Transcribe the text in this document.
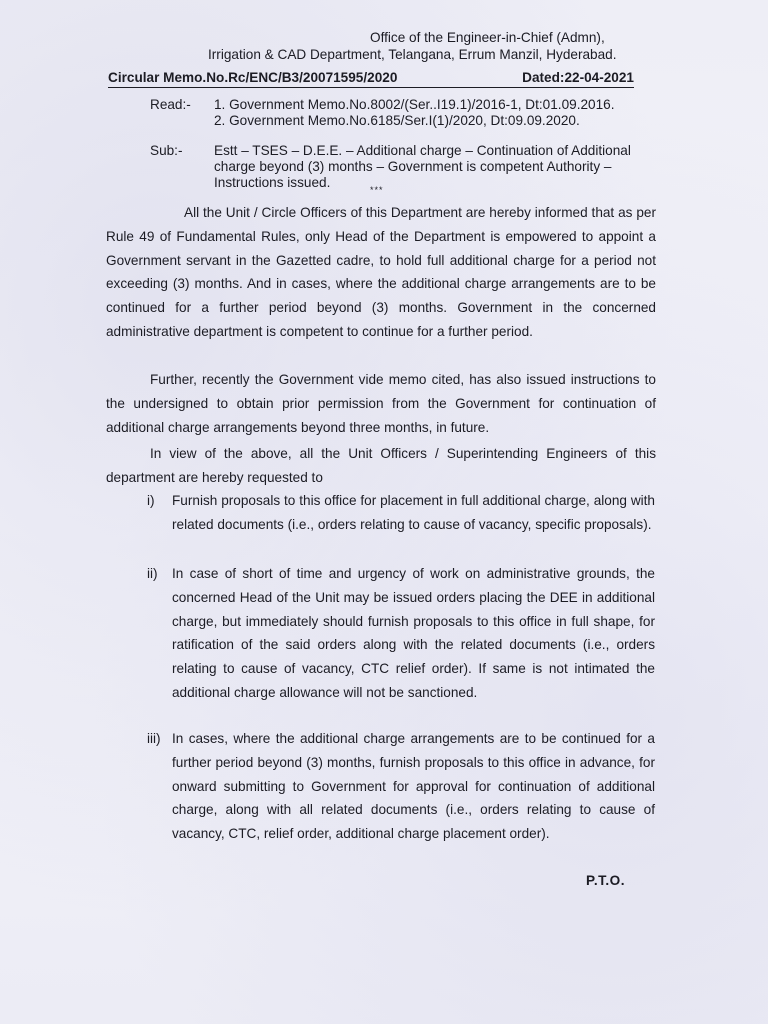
Office of the Engineer-in-Chief (Admn),
Irrigation & CAD Department, Telangana, Errum Manzil, Hyderabad.
Circular Memo.No.Rc/ENC/B3/20071595/2020	Dated:22-04-2021
Read:- 1. Government Memo.No.8002/(Ser..I19.1)/2016-1, Dt:01.09.2016.
2. Government Memo.No.6185/Ser.I(1)/2020, Dt:09.09.2020.
Sub:- Estt – TSES – D.E.E. – Additional charge – Continuation of Additional charge beyond (3) months – Government is competent Authority – Instructions issued.	***
All the Unit / Circle Officers of this Department are hereby informed that as per Rule 49 of Fundamental Rules, only Head of the Department is empowered to appoint a Government servant in the Gazetted cadre, to hold full additional charge for a period not exceeding (3) months. And in cases, where the additional charge arrangements are to be continued for a further period beyond (3) months. Government in the concerned administrative department is competent to continue for a further period.
Further, recently the Government vide memo cited, has also issued instructions to the undersigned to obtain prior permission from the Government for continuation of additional charge arrangements beyond three months, in future.
In view of the above, all the Unit Officers / Superintending Engineers of this department are hereby requested to
i) Furnish proposals to this office for placement in full additional charge, along with related documents (i.e., orders relating to cause of vacancy, specific proposals).
ii) In case of short of time and urgency of work on administrative grounds, the concerned Head of the Unit may be issued orders placing the DEE in additional charge, but immediately should furnish proposals to this office in full shape, for ratification of the said orders along with the related documents (i.e., orders relating to cause of vacancy, CTC relief order). If same is not intimated the additional charge allowance will not be sanctioned.
iii) In cases, where the additional charge arrangements are to be continued for a further period beyond (3) months, furnish proposals to this office in advance, for onward submitting to Government for approval for continuation of additional charge, along with all related documents (i.e., orders relating to cause of vacancy, CTC, relief order, additional charge placement order).
P.T.O.
